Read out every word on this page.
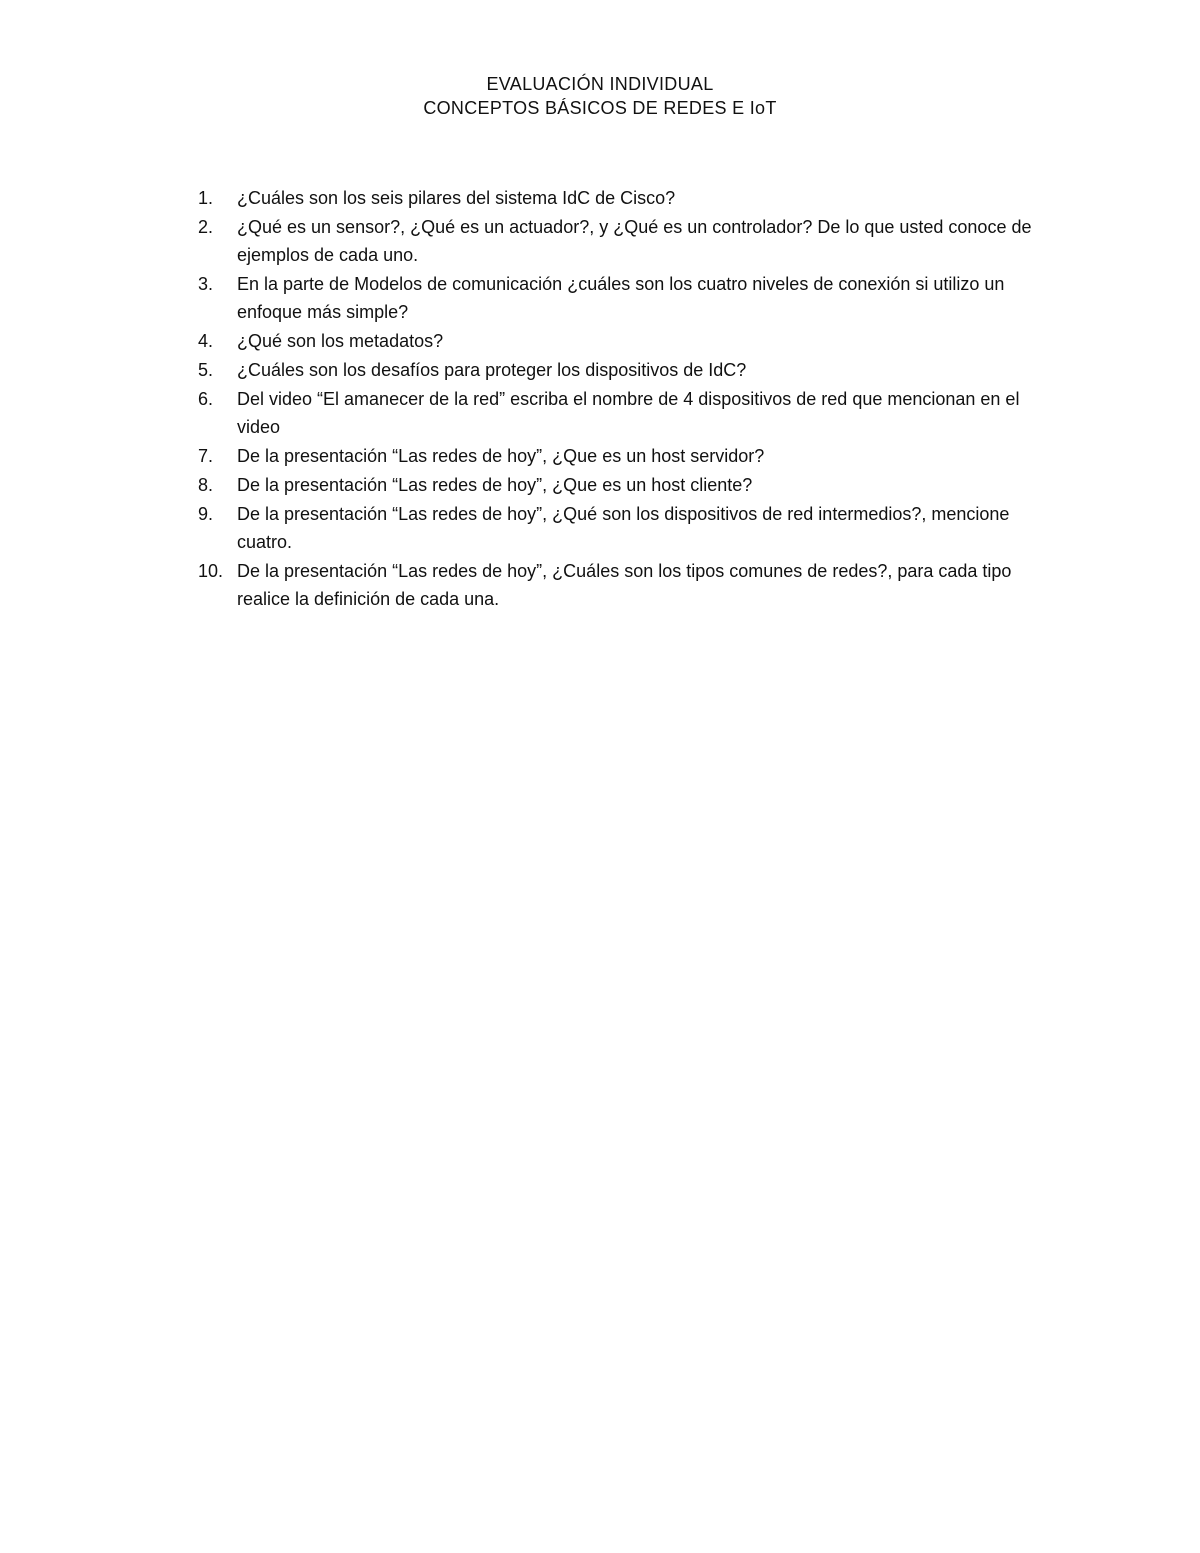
EVALUACIÓN INDIVIDUAL
CONCEPTOS BÁSICOS DE REDES E IoT
1.	¿Cuáles son los seis pilares del sistema IdC de Cisco?
2.	¿Qué es un sensor?, ¿Qué es un actuador?, y ¿Qué es un controlador? De lo que usted conoce de ejemplos de cada uno.
3.	En la parte de Modelos de comunicación ¿cuáles son los cuatro niveles de conexión si utilizo un enfoque más simple?
4.	¿Qué son los metadatos?
5.	¿Cuáles son los desafíos para proteger los dispositivos de IdC?
6.	Del video “El amanecer de la red” escriba el nombre de 4 dispositivos de red que mencionan en el video
7.	De la presentación “Las redes de hoy”, ¿Que es un host servidor?
8.	De la presentación “Las redes de hoy”, ¿Que es un host cliente?
9.	De la presentación “Las redes de hoy”, ¿Qué son los dispositivos de red intermedios?, mencione cuatro.
10. De la presentación “Las redes de hoy”, ¿Cuáles son los tipos comunes de redes?, para cada tipo realice la definición de cada una.
